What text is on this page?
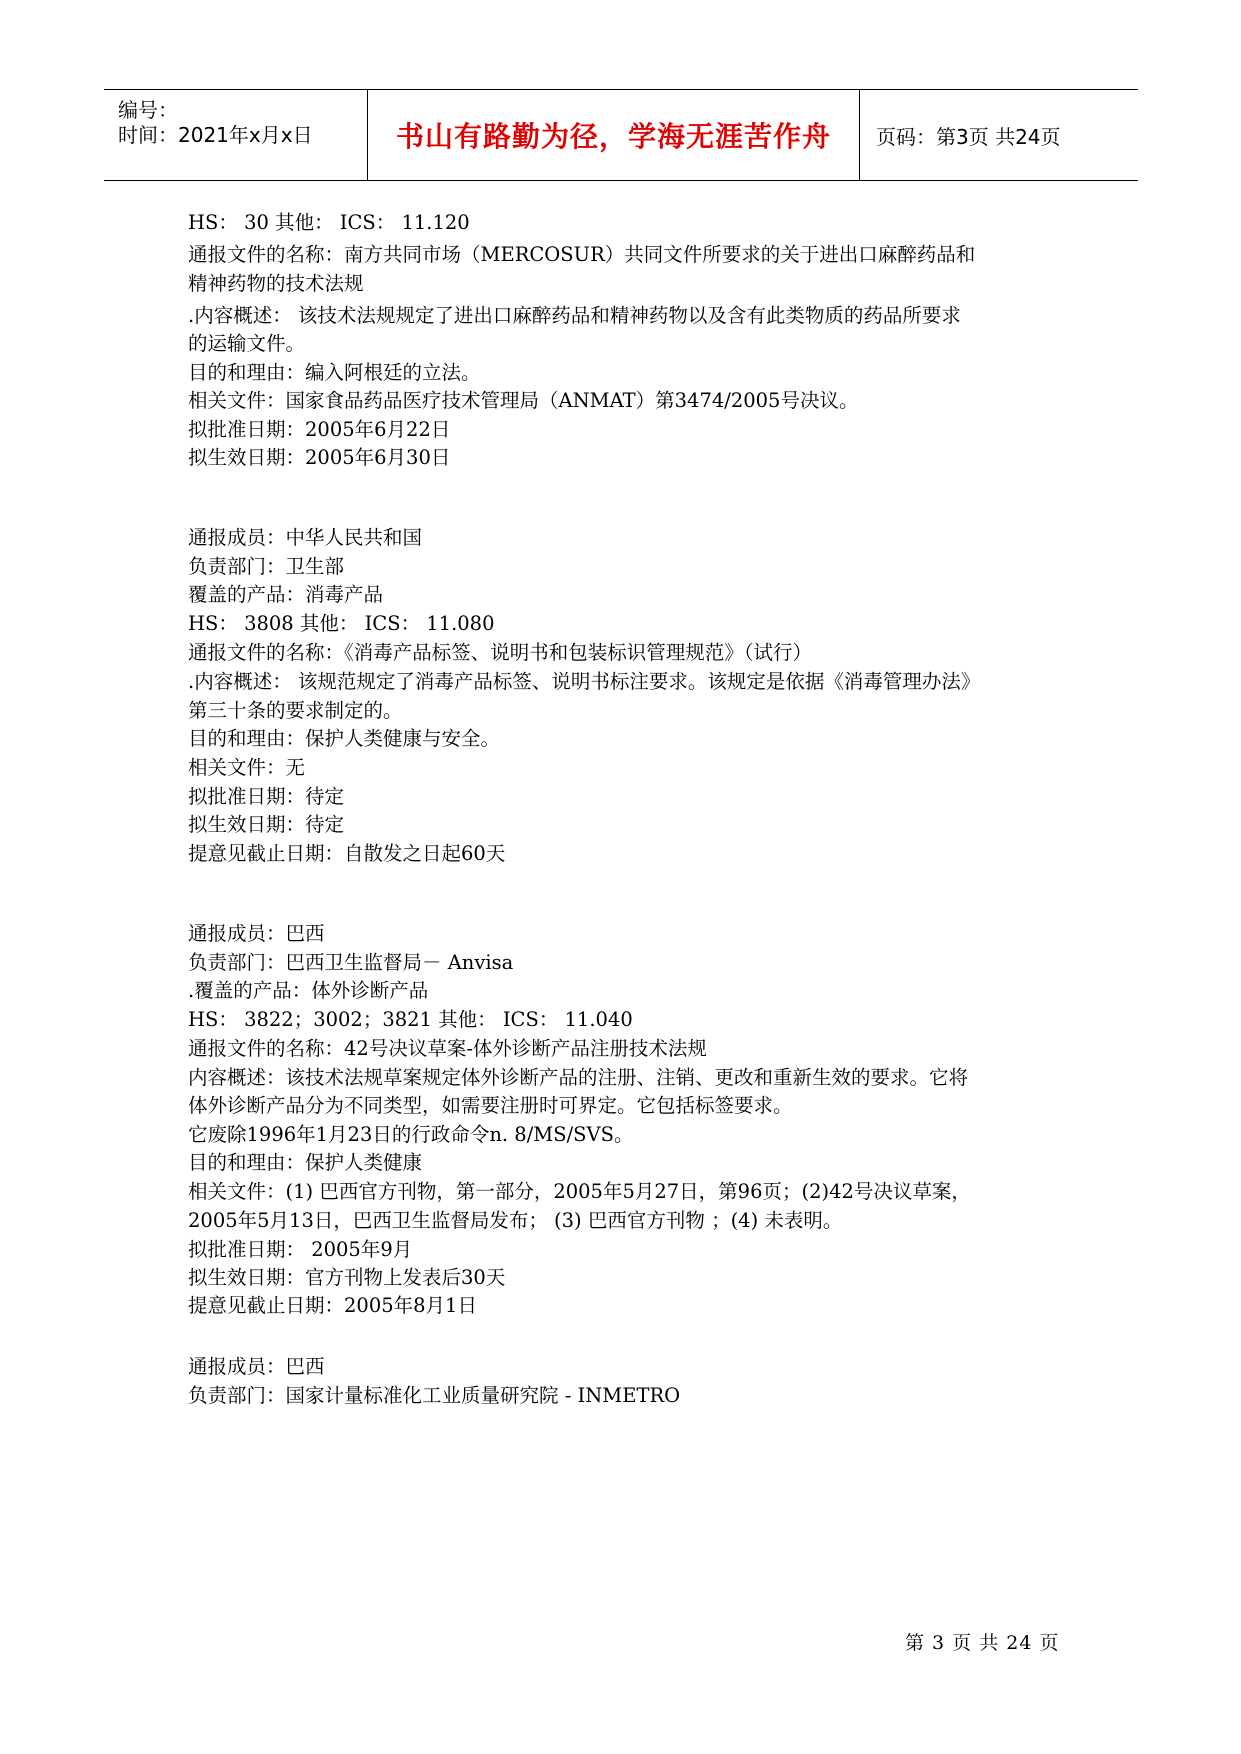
编号：
时间：2021年x月x日	书山有路勤为径，学海无涯苦作舟 页码：第3页 共24页
HS： 30 其他： ICS： 11.120
通报文件的名称：南方共同市场（MERCOSUR）共同文件所要求的关于进出口麻醉药品和
精神药物的技术法规
.内容概述： 该技术法规规定了进出口麻醉药品和精神药物以及含有此类物质的药品所要求
的运输文件。
目的和理由：编入阿根廷的立法。
相关文件：国家食品药品医疗技术管理局（ANMAT）第3474/2005号决议。
拟批准日期：2005年6月22日
拟生效日期：2005年6月30日
通报成员：中华人民共和国
负责部门：卫生部
覆盖的产品：消毒产品
HS： 3808 其他： ICS： 11.080
通报文件的名称：《消毒产品标签、说明书和包装标识管理规范》（试行）
.内容概述： 该规范规定了消毒产品标签、说明书标注要求。该规定是依据《消毒管理办法》
第三十条的要求制定的。
目的和理由：保护人类健康与安全。
相关文件：无
拟批准日期：待定
拟生效日期：待定
提意见截止日期：自散发之日起60天
通报成员：巴西
负责部门：巴西卫生监督局－ Anvisa
.覆盖的产品：体外诊断产品
HS： 3822；3002；3821 其他： ICS： 11.040
通报文件的名称：42号决议草案-体外诊断产品注册技术法规
内容概述：该技术法规草案规定体外诊断产品的注册、注销、更改和重新生效的要求。它将
体外诊断产品分为不同类型，如需要注册时可界定。它包括标签要求。
它废除1996年1月23日的行政命令n. 8/MS/SVS。
目的和理由：保护人类健康
相关文件：(1) 巴西官方刊物，第一部分，2005年5月27日，第96页；(2)42号决议草案，
2005年5月13日，巴西卫生监督局发布； (3) 巴西官方刊物 ；(4) 未表明。
拟批准日期： 2005年9月
拟生效日期：官方刊物上发表后30天
提意见截止日期：2005年8月1日
通报成员：巴西
负责部门：国家计量标准化工业质量研究院 - INMETRO
第 3 页 共 24 页
